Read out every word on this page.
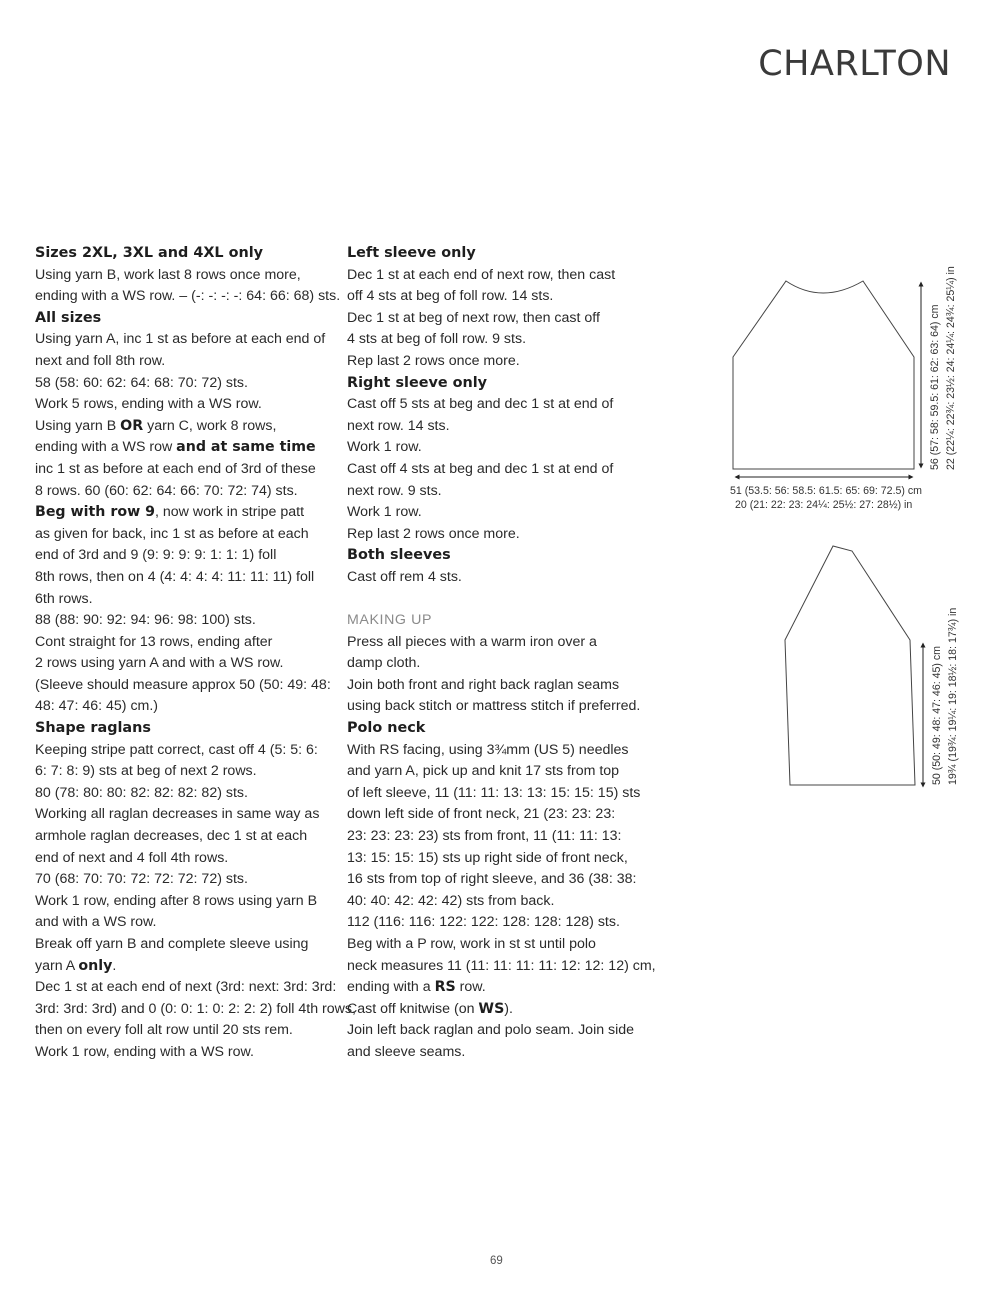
CHARLTON

Sizes 2XL, 3XL and 4XL only

Using yarn B, work last 8 rows once more,

ending with a WS row. – (-: -: -: -: 64: 66: 68) sts.

All sizes

Using yarn A, inc 1 st as before at each end of

next and foll 8th row.

58 (58: 60: 62: 64: 68: 70: 72) sts.

Work 5 rows, ending with a WS row.

Using yarn B OR yarn C, work 8 rows,

ending with a WS row and at same time

inc 1 st as before at each end of 3rd of these

8 rows. 60 (60: 62: 64: 66: 70: 72: 74) sts.

Beg with row 9, now work in stripe patt

as given for back, inc 1 st as before at each

end of 3rd and 9 (9: 9: 9: 9: 1: 1: 1) foll

8th rows, then on 4 (4: 4: 4: 4: 11: 11: 11) foll

6th rows.

88 (88: 90: 92: 94: 96: 98: 100) sts.

Cont straight for 13 rows, ending after

2 rows using yarn A and with a WS row.

(Sleeve should measure approx 50 (50: 49: 48:

48: 47: 46: 45) cm.)

Shape raglans

Keeping stripe patt correct, cast off 4 (5: 5: 6:

6: 7: 8: 9) sts at beg of next 2 rows.

80 (78: 80: 80: 82: 82: 82: 82) sts.

Working all raglan decreases in same way as

armhole raglan decreases, dec 1 st at each

end of next and 4 foll 4th rows.

70 (68: 70: 70: 72: 72: 72: 72) sts.

Work 1 row, ending after 8 rows using yarn B

and with a WS row.

Break off yarn B and complete sleeve using

yarn A only.

Dec 1 st at each end of next (3rd: next: 3rd: 3rd:

3rd: 3rd: 3rd) and 0 (0: 0: 1: 0: 2: 2: 2) foll 4th rows,

then on every foll alt row until 20 sts rem.

Work 1 row, ending with a WS row.

Left sleeve only

Dec 1 st at each end of next row, then cast

off 4 sts at beg of foll row. 14 sts.

Dec 1 st at beg of next row, then cast off

4 sts at beg of foll row. 9 sts.

Rep last 2 rows once more.

Right sleeve only

Cast off 5 sts at beg and dec 1 st at end of

next row. 14 sts.

Work 1 row.

Cast off 4 sts at beg and dec 1 st at end of

next row. 9 sts.

Work 1 row.

Rep last 2 rows once more.

Both sleeves

Cast off rem 4 sts.

MAKING UP

Press all pieces with a warm iron over a

damp cloth.

Join both front and right back raglan seams

using back stitch or mattress stitch if preferred.

Polo neck

With RS facing, using 3¾mm (US 5) needles

and yarn A, pick up and knit 17 sts from top

of left sleeve, 11 (11: 11: 13: 13: 15: 15: 15) sts

down left side of front neck, 21 (23: 23: 23:

23: 23: 23: 23) sts from front, 11 (11: 11: 13:

13: 15: 15: 15) sts up right side of front neck,

16 sts from top of right sleeve, and 36 (38: 38:

40: 40: 42: 42: 42) sts from back.

112 (116: 116: 122: 122: 128: 128: 128) sts.

Beg with a P row, work in st st until polo

neck measures 11 (11: 11: 11: 11: 12: 12: 12) cm,

ending with a RS row.

Cast off knitwise (on WS).

Join left back raglan and polo seam. Join side

and sleeve seams.

51 (53.5: 56: 58.5: 61.5: 65: 69: 72.5) cm
20 (21: 22: 23: 24¼: 25½: 27: 28½) in
56 (57: 58: 59.5: 61: 62: 63: 64) cm 22 (22¼: 22¾: 23½: 24: 24¼: 24¾: 25¼) in
50 (50: 49: 48: 47: 46: 45) cm 19¾ (19¾: 19¼: 19: 18½: 18: 17¾) in
69
